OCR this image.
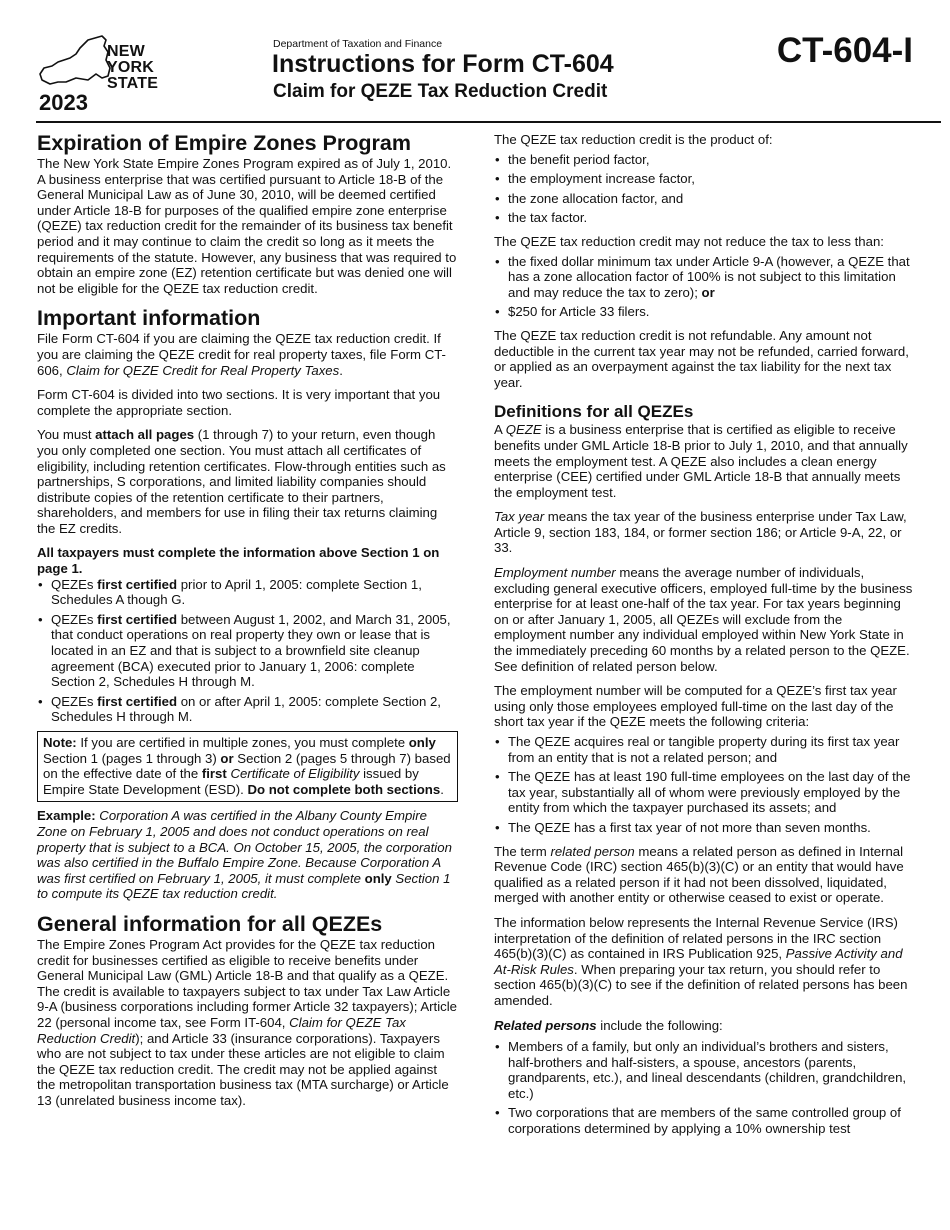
NEW
YORK
STATE
2023
Department of Taxation and Finance
Instructions for Form CT-604
Claim for QEZE Tax Reduction Credit
CT-604-I
Expiration of Empire Zones Program

The New York State Empire Zones Program expired as of July 1, 2010. A business enterprise that was certified pursuant to Article 18-B of the General Municipal Law as of June 30, 2010, will be deemed certified under Article 18-B for purposes of the qualified empire zone enterprise (QEZE) tax reduction credit for the remainder of its business tax benefit period and it may continue to claim the credit so long as it meets the requirements of the statute. However, any business that was required to obtain an empire zone (EZ) retention certificate but was denied one will not be eligible for the QEZE tax reduction credit.

Important information

File Form CT-604 if you are claiming the QEZE tax reduction credit. If you are claiming the QEZE credit for real property taxes, file Form CT-606, Claim for QEZE Credit for Real Property Taxes.

Form CT-604 is divided into two sections. It is very important that you complete the appropriate section.

You must attach all pages (1 through 7) to your return, even though you only completed one section. You must attach all certificates of eligibility, including retention certificates. Flow-through entities such as partnerships, S corporations, and limited liability companies should distribute copies of the retention certificate to their partners, shareholders, and members for use in filing their tax returns claiming the EZ credits.

All taxpayers must complete the information above Section 1 on page 1.

• QEZEs first certified prior to April 1, 2005: complete Section 1, Schedules A though G.
• QEZEs first certified between August 1, 2002, and March 31, 2005, that conduct operations on real property they own or lease that is located in an EZ and that is subject to a brownfield site cleanup agreement (BCA) executed prior to January 1, 2006: complete Section 2, Schedules H through M.
• QEZEs first certified on or after April 1, 2005: complete Section 2, Schedules H through M.
Note: If you are certified in multiple zones, you must complete only Section 1 (pages 1 through 3) or Section 2 (pages 5 through 7) based on the effective date of the first Certificate of Eligibility issued by Empire State Development (ESD). Do not complete both sections.

Example: Corporation A was certified in the Albany County Empire Zone on February 1, 2005 and does not conduct operations on real property that is subject to a BCA. On October 15, 2005, the corporation was also certified in the Buffalo Empire Zone. Because Corporation A was first certified on February 1, 2005, it must complete only Section 1 to compute its QEZE tax reduction credit.

General information for all QEZEs

The Empire Zones Program Act provides for the QEZE tax reduction credit for businesses certified as eligible to receive benefits under General Municipal Law (GML) Article 18-B and that qualify as a QEZE. The credit is available to taxpayers subject to tax under Tax Law Article 9-A (business corporations including former Article 32 taxpayers); Article 22 (personal income tax, see Form IT-604, Claim for QEZE Tax Reduction Credit); and Article 33 (insurance corporations). Taxpayers who are not subject to tax under these articles are not eligible to claim the QEZE tax reduction credit. The credit may not be applied against the metropolitan transportation business tax (MTA surcharge) or Article 13 (unrelated business income tax).

The QEZE tax reduction credit is the product of:

• the benefit period factor,
• the employment increase factor,
• the zone allocation factor, and
• the tax factor.

The QEZE tax reduction credit may not reduce the tax to less than:

• the fixed dollar minimum tax under Article 9-A (however, a QEZE that has a zone allocation factor of 100% is not subject to this limitation and may reduce the tax to zero); or
• $250 for Article 33 filers.

The QEZE tax reduction credit is not refundable. Any amount not deductible in the current tax year may not be refunded, carried forward, or applied as an overpayment against the tax liability for the next tax year.

Definitions for all QEZEs

A QEZE is a business enterprise that is certified as eligible to receive benefits under GML Article 18-B prior to July 1, 2010, and that annually meets the employment test. A QEZE also includes a clean energy enterprise (CEE) certified under GML Article 18-B that annually meets the employment test.

Tax year means the tax year of the business enterprise under Tax Law, Article 9, section 183, 184, or former section 186; or Article 9-A, 22, or 33.

Employment number means the average number of individuals, excluding general executive officers, employed full-time by the business enterprise for at least one-half of the tax year. For tax years beginning on or after January 1, 2005, all QEZEs will exclude from the employment number any individual employed within New York State in the immediately preceding 60 months by a related person to the QEZE. See definition of related person below.

The employment number will be computed for a QEZE’s first tax year using only those employees employed full-time on the last day of the short tax year if the QEZE meets the following criteria:

• The QEZE acquires real or tangible property during its first tax year from an entity that is not a related person; and
• The QEZE has at least 190 full-time employees on the last day of the tax year, substantially all of whom were previously employed by the entity from which the taxpayer purchased its assets; and
• The QEZE has a first tax year of not more than seven months.

The term related person means a related person as defined in Internal Revenue Code (IRC) section 465(b)(3)(C) or an entity that would have qualified as a related person if it had not been dissolved, liquidated, merged with another entity or otherwise ceased to exist or operate.

The information below represents the Internal Revenue Service (IRS) interpretation of the definition of related persons in the IRC section 465(b)(3)(C) as contained in IRS Publication 925, Passive Activity and At-Risk Rules. When preparing your tax return, you should refer to section 465(b)(3)(C) to see if the definition of related persons has been amended.

Related persons include the following:

• Members of a family, but only an individual’s brothers and sisters, half-brothers and half-sisters, a spouse, ancestors (parents, grandparents, etc.), and lineal descendants (children, grandchildren, etc.)
• Two corporations that are members of the same controlled group of corporations determined by applying a 10% ownership test
